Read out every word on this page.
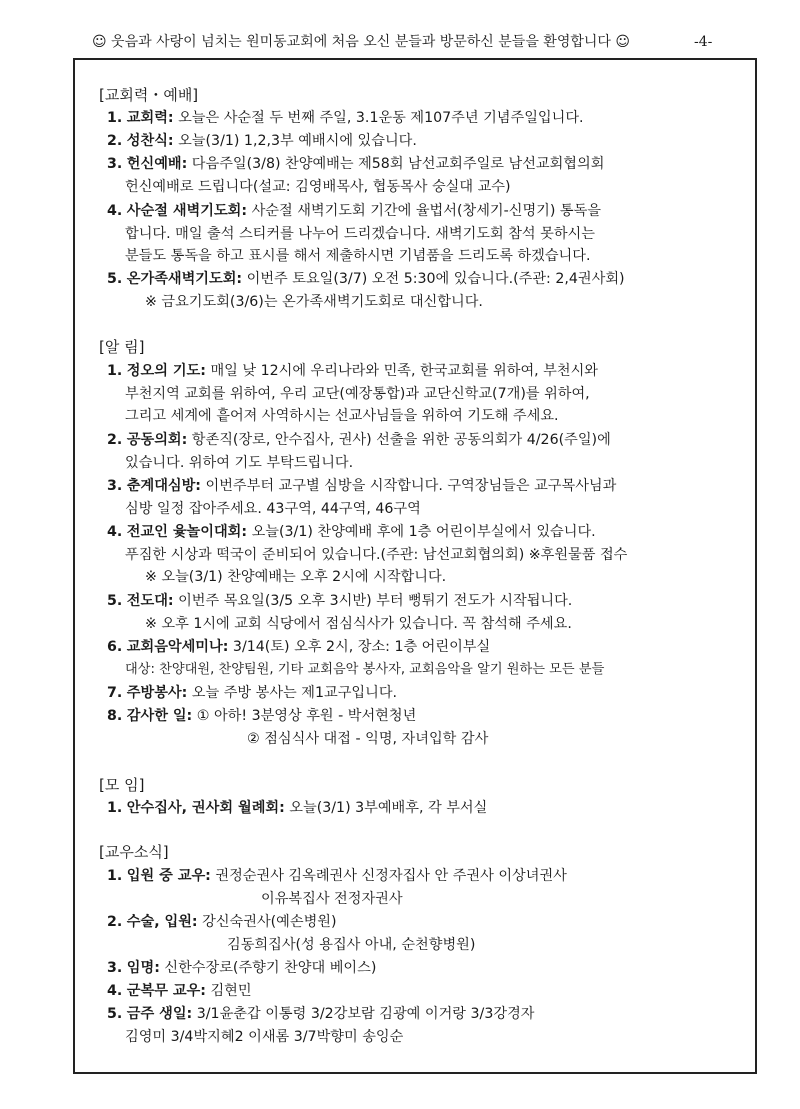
☺ 웃음과 사랑이 넘치는 원미동교회에 처음 오신 분들과 방문하신 분들을 환영합니다 ☺	-4-
[교회력・예배]
1. 교회력: 오늘은 사순절 두 번째 주일, 3.1운동 제107주년 기념주일입니다.
2. 성찬식: 오늘(3/1) 1,2,3부 예배시에 있습니다.
3. 헌신예배: 다음주일(3/8) 찬양예배는 제58회 남선교회주일로 남선교회협의회
헌신예배로 드립니다(설교: 김영배목사, 협동목사 숭실대 교수)
4. 사순절 새벽기도회: 사순절 새벽기도회 기간에 율법서(창세기-신명기) 통독을
합니다. 매일 출석 스티커를 나누어 드리겠습니다. 새벽기도회 참석 못하시는
분들도 통독을 하고 표시를 해서 제출하시면 기념품을 드리도록 하겠습니다.
5. 온가족새벽기도회: 이번주 토요일(3/7) 오전 5:30에 있습니다.(주관: 2,4권사회)
※ 금요기도회(3/6)는 온가족새벽기도회로 대신합니다.
[알 림]
1. 정오의 기도: 매일 낮 12시에 우리나라와 민족, 한국교회를 위하여, 부천시와
부천지역 교회를 위하여, 우리 교단(예장통합)과 교단신학교(7개)를 위하여,
그리고 세계에 흩어져 사역하시는 선교사님들을 위하여 기도해 주세요.
2. 공동의회: 항존직(장로, 안수집사, 권사) 선출을 위한 공동의회가 4/26(주일)에
있습니다. 위하여 기도 부탁드립니다.
3. 춘계대심방: 이번주부터 교구별 심방을 시작합니다. 구역장님들은 교구목사님과
심방 일정 잡아주세요. 43구역, 44구역, 46구역
4. 전교인 윷놀이대회: 오늘(3/1) 찬양예배 후에 1층 어린이부실에서 있습니다.
푸짐한 시상과 떡국이 준비되어 있습니다.(주관: 남선교회협의회) ※후원물품 접수
※ 오늘(3/1) 찬양예배는 오후 2시에 시작합니다.
5. 전도대: 이번주 목요일(3/5 오후 3시반) 부터 뻥튀기 전도가 시작됩니다.
※ 오후 1시에 교회 식당에서 점심식사가 있습니다. 꼭 참석해 주세요.
6. 교회음악세미나: 3/14(토) 오후 2시, 장소: 1층 어린이부실
대상: 찬양대원, 찬양팀원, 기타 교회음악 봉사자, 교회음악을 알기 원하는 모든 분들
7. 주방봉사: 오늘 주방 봉사는 제1교구입니다.
8. 감사한 일: ① 아하! 3분영상 후원 - 박서현청년
② 점심식사 대접 - 익명, 자녀입학 감사
[모 임]
1. 안수집사, 권사회 월례회: 오늘(3/1) 3부예배후, 각 부서실
[교우소식]
1. 입원 중 교우: 권정순권사 김옥례권사 신정자집사 안 주권사 이상녀권사
이유복집사 전정자권사
2. 수술, 입원: 강신숙권사(예손병원)
김동희집사(성 용집사 아내, 순천향병원)
3. 임명: 신한수장로(주향기 찬양대 베이스)
4. 군복무 교우: 김현민
5. 금주 생일: 3/1윤춘갑 이통령 3/2강보람 김광예 이거랑 3/3강경자
김영미 3/4박지혜2 이새롬 3/7박향미 송잉순
